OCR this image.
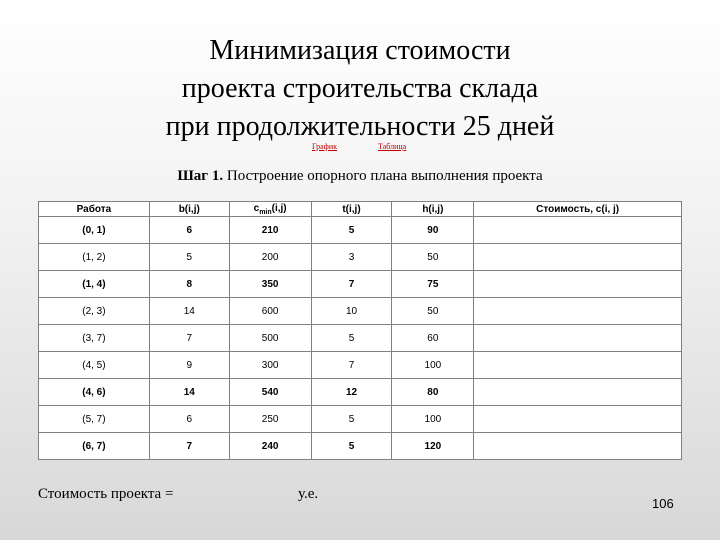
Минимизация стоимости
проекта строительства склада
при продолжительности 25 дней
График	Таблица
Шаг 1. Построение опорного плана выполнения проекта
Работа	b(i,j)	$c_{min}(i,j)$	t(i,j)	h(i,j)	Стоимость, c(i, j)
(0, 1)	6	210	5	90	
(1, 2)	5	200	3	50	
(1, 4)	8	350	7	75	
(2, 3)	14	600	10	50	
(3, 7)	7	500	5	60	
(4, 5)	9	300	7	100	
(4, 6)	14	540	12	80	
(5, 7)	6	250	5	100	
(6, 7)	7	240	5	120	
Стоимость проекта =	у.е.
106
